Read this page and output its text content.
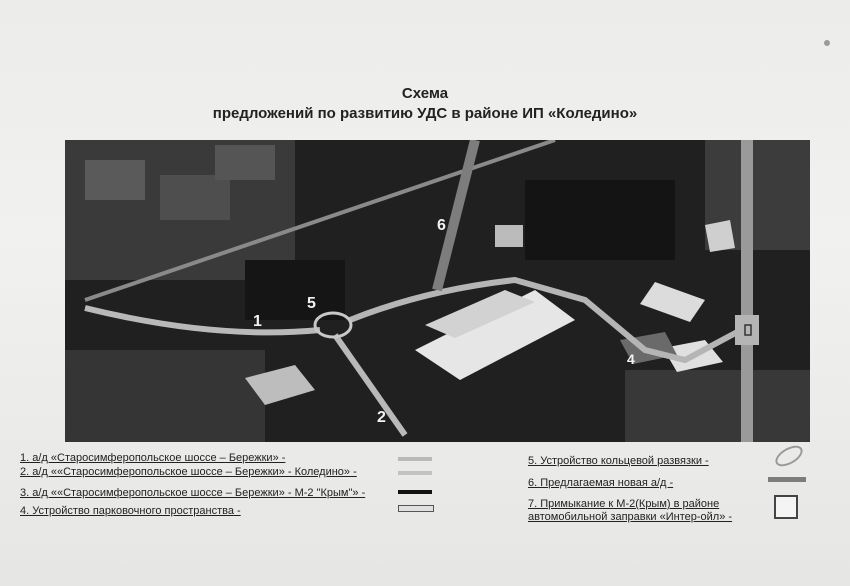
Схема
предложений по развитию УДС в районе ИП «Коледино»
1
2
4
5
6
1. а/д «Старосимферопольское шоссе – Бережки» -
2. а/д ««Старосимферопольское шоссе – Бережки» - Коледино» -
3. а/д ««Старосимферопольское шоссе – Бережки» - М-2 "Крым"» -
4. Устройство парковочного пространства -
5. Устройство кольцевой развязки -
6. Предлагаемая новая а/д -
7. Примыкание к М-2(Крым) в районе
автомобильной заправки «Интер-ойл» -
